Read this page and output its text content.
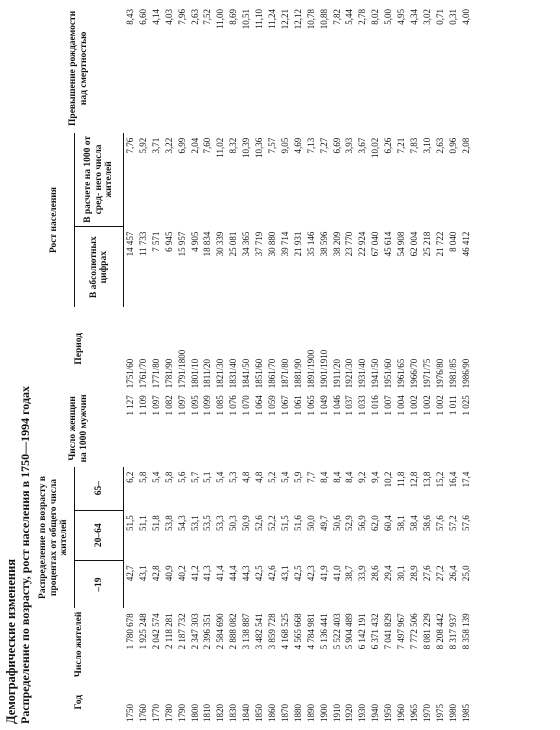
Демографические изменения Распределение по возрасту, рост населения в 1750—1994 годах	Год	Число жителей	Распределение по возрасту в процентах от общего числа жителей			Число женщин на 1000 мужчин	Период	Рост населения		Превышение рождаемости над смертностью
		–19	20–64	65–			В абсолютных цифрах	В расчете на 1000 от сред- него числа жителей	
1750	1 780 678	42,7	51,5	6,2	1 127	1751/60	14 457	7,76	8,43
1760	1 925 248	43,1	51,1	5,8	1 109	1761/70	11 733	5,92	6,60
1770	2 042 574	42,8	51,8	5,4	1 097	1771/80	7 571	3,71	4,14
1780	2 118 281	40,9	53,8	5,8	1 082	1781/90	6 945	3,22	4,03
1790	2 187 732	40,2	54,3	5,6	1 097	1791/1800	15 957	6,99	7,96
1800	2 347 303	41,2	53,1	5,7	1 095	1801/10	4 905	2,04	2,63
1810	2 396 351	41,3	53,5	5,1	1 099	1811/20	18 834	7,60	7,52
1820	2 584 690	41,4	53,3	5,4	1 085	1821/30	30 339	11,02	11,00
1830	2 888 082	44,4	50,3	5,3	1 076	1831/40	25 081	8,32	8,69
1840	3 138 887	44,3	50,9	4,8	1 070	1841/50	34 365	10,39	10,51
1850	3 482 541	42,5	52,6	4,8	1 064	1851/60	37 719	10,36	11,10
1860	3 859 728	42,6	52,2	5,2	1 059	1861/70	30 880	7,57	11,24
1870	4 168 525	43,1	51,5	5,4	1 067	1871/80	39 714	9,05	12,21
1880	4 565 668	42,5	51,6	5,9	1 061	1881/90	21 931	4,69	12,12
1890	4 784 981	42,3	50,0	7,7	1 065	1891/1900	35 146	7,13	10,78
1900	5 136 441	41,9	49,7	8,4	1 049	1901/1910	38 596	7,27	10,88
1910	5 522 403	41,0	50,6	8,4	1 046	1911/20	38 209	6,69	7,82
1920	5 904 489	38,7	52,9	8,4	1 037	1921/30	23 770	3,93	5,44
1930	6 142 191	33,9	56,9	9,2	1 033	1931/40	22 924	3,67	2,78
1940	6 371 432	28,6	62,0	9,4	1 016	1941/50	67 040	10,02	8,02
1950	7 041 829	29,4	60,4	10,2	1 007	1951/60	45 614	6,26	5,00
1960	7 497 967	30,1	58,1	11,8	1 004	1961/65	54 908	7,21	4,95
1965	7 772 506	28,9	58,4	12,8	1 002	1966/70	62 004	7,83	4,34
1970	8 081 229	27,6	58,6	13,8	1 002	1971/75	25 218	3,10	3,02
1975	8 208 442	27,2	57,6	15,2	1 002	1976/80	21 722	2,63	0,71
1980	8 317 937	26,4	57,2	16,4	1 011	1981/85	8 040	0,96	0,31
1985	8 358 139	25,0	57,6	17,4	1 025	1986/90	46 412	2,08	4,00
